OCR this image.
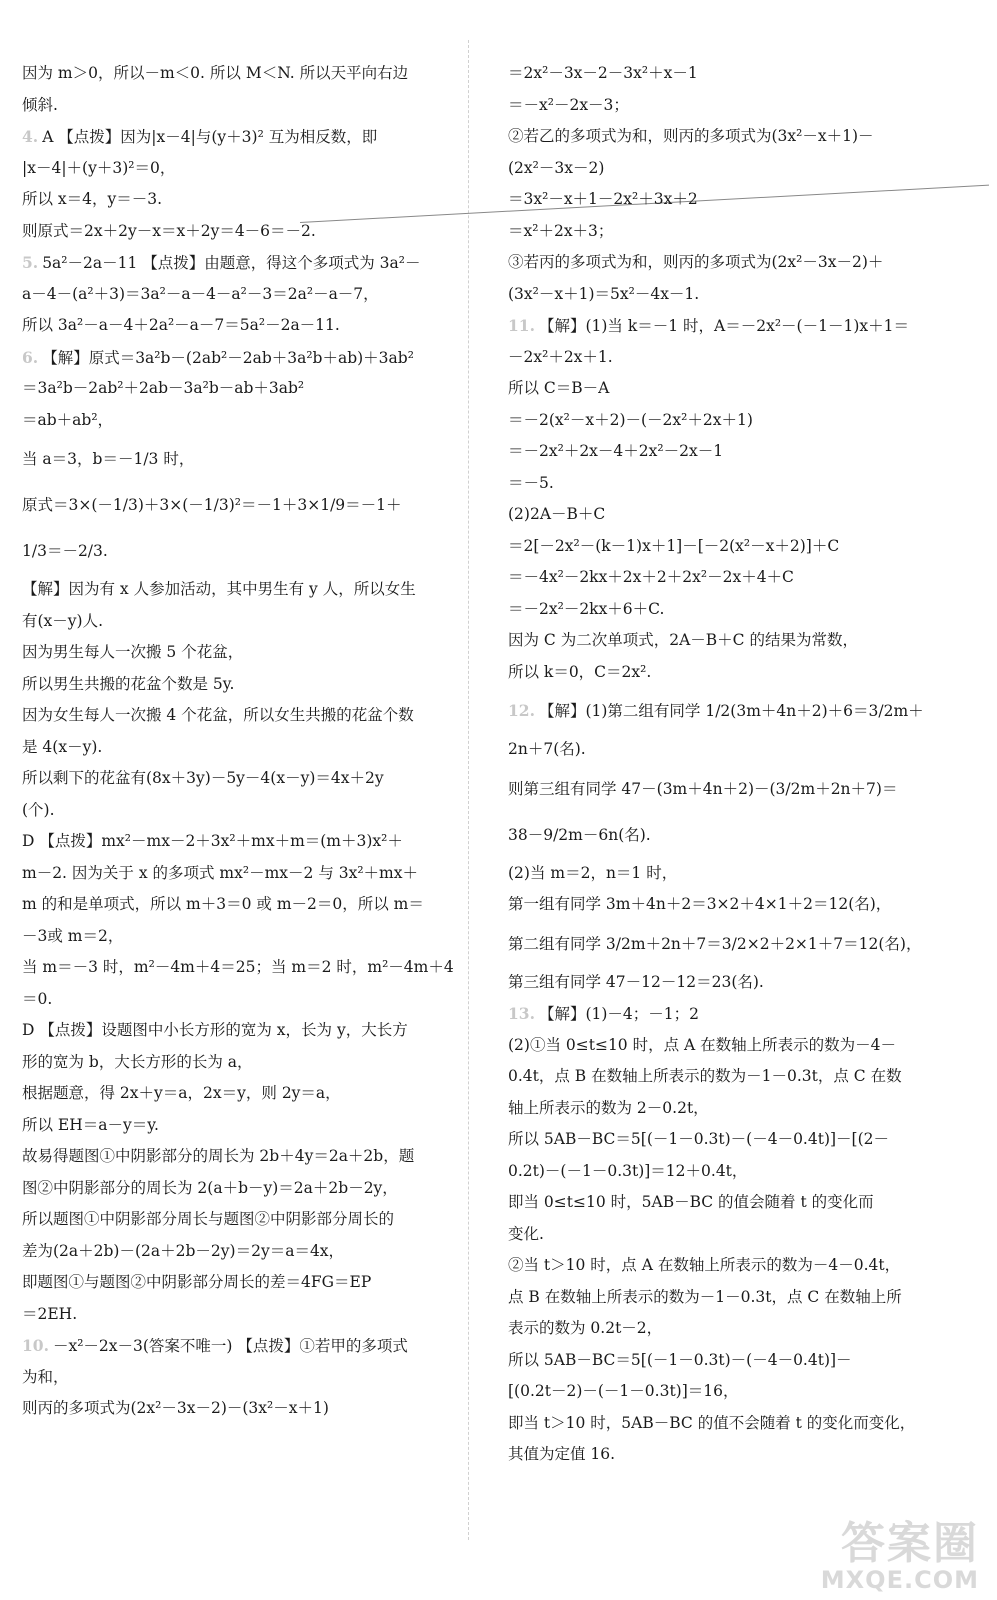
因为 m＞0，所以－m＜0. 所以 M＜N. 所以天平向右边
倾斜.
4. A 【点拨】因为|x－4|与(y＋3)² 互为相反数，即
|x－4|＋(y＋3)²＝0，
所以 x＝4，y＝－3.
则原式＝2x＋2y－x＝x＋2y＝4－6＝－2.
5. 5a²－2a－11 【点拨】由题意，得这个多项式为 3a²－
a－4－(a²＋3)＝3a²－a－4－a²－3＝2a²－a－7，
所以 3a²－a－4＋2a²－a－7＝5a²－2a－11.
6. 【解】原式＝3a²b－(2ab²－2ab＋3a²b＋ab)＋3ab²
＝3a²b－2ab²＋2ab－3a²b－ab＋3ab²
＝ab＋ab²，
当 a＝3，b＝－1/3 时，
原式＝3×(－1/3)＋3×(－1/3)²＝－1＋3×1/9＝－1＋
1/3＝－2/3.
【解】因为有 x 人参加活动，其中男生有 y 人，所以女生
有(x－y)人.
因为男生每人一次搬 5 个花盆，
所以男生共搬的花盆个数是 5y.
因为女生每人一次搬 4 个花盆，所以女生共搬的花盆个数
是 4(x－y).
所以剩下的花盆有(8x＋3y)－5y－4(x－y)＝4x＋2y
(个).
D 【点拨】mx²－mx－2＋3x²＋mx＋m＝(m＋3)x²＋
m－2. 因为关于 x 的多项式 mx²－mx－2 与 3x²＋mx＋
m 的和是单项式，所以 m＋3＝0 或 m－2＝0，所以 m＝
－3或 m＝2，
当 m＝－3 时，m²－4m＋4＝25；当 m＝2 时，m²－4m＋4
＝0.
D 【点拨】设题图中小长方形的宽为 x，长为 y，大长方
形的宽为 b，大长方形的长为 a，
根据题意，得 2x＋y＝a，2x＝y，则 2y＝a，
所以 EH＝a－y＝y.
故易得题图①中阴影部分的周长为 2b＋4y＝2a＋2b，题
图②中阴影部分的周长为 2(a＋b－y)＝2a＋2b－2y，
所以题图①中阴影部分周长与题图②中阴影部分周长的
差为(2a＋2b)－(2a＋2b－2y)＝2y＝a＝4x，
即题图①与题图②中阴影部分周长的差＝4FG＝EP
＝2EH.
10. －x²－2x－3(答案不唯一) 【点拨】①若甲的多项式
为和，
则丙的多项式为(2x²－3x－2)－(3x²－x＋1)
＝2x²－3x－2－3x²＋x－1
＝－x²－2x－3；
②若乙的多项式为和，则丙的多项式为(3x²－x＋1)－
(2x²－3x－2)
＝3x²－x＋1－2x²＋3x＋2
＝x²＋2x＋3；
③若丙的多项式为和，则丙的多项式为(2x²－3x－2)＋
(3x²－x＋1)＝5x²－4x－1.
11. 【解】(1)当 k＝－1 时，A＝－2x²－(－1－1)x＋1＝
－2x²＋2x＋1.
所以 C＝B－A
＝－2(x²－x＋2)－(－2x²＋2x＋1)
＝－2x²＋2x－4＋2x²－2x－1
＝－5.
(2)2A－B＋C
＝2[－2x²－(k－1)x＋1]－[－2(x²－x＋2)]＋C
＝－4x²－2kx＋2x＋2＋2x²－2x＋4＋C
＝－2x²－2kx＋6＋C.
因为 C 为二次单项式，2A－B＋C 的结果为常数，
所以 k＝0，C＝2x².
12. 【解】(1)第二组有同学 1/2(3m＋4n＋2)＋6＝3/2m＋
2n＋7(名).
则第三组有同学 47－(3m＋4n＋2)－(3/2m＋2n＋7)＝
38－9/2m－6n(名).
(2)当 m＝2，n＝1 时，
第一组有同学 3m＋4n＋2＝3×2＋4×1＋2＝12(名)，
第二组有同学 3/2m＋2n＋7＝3/2×2＋2×1＋7＝12(名)，
第三组有同学 47－12－12＝23(名).
13. 【解】(1)－4；－1；2
(2)①当 0≤t≤10 时，点 A 在数轴上所表示的数为－4－
0.4t，点 B 在数轴上所表示的数为－1－0.3t，点 C 在数
轴上所表示的数为 2－0.2t，
所以 5AB－BC＝5[(－1－0.3t)－(－4－0.4t)]－[(2－
0.2t)－(－1－0.3t)]＝12＋0.4t，
即当 0≤t≤10 时，5AB－BC 的值会随着 t 的变化而
变化.
②当 t＞10 时，点 A 在数轴上所表示的数为－4－0.4t，
点 B 在数轴上所表示的数为－1－0.3t，点 C 在数轴上所
表示的数为 0.2t－2，
所以 5AB－BC＝5[(－1－0.3t)－(－4－0.4t)]－
[(0.2t－2)－(－1－0.3t)]＝16，
即当 t＞10 时，5AB－BC 的值不会随着 t 的变化而变化，
其值为定值 16.
答案圈
MXQE.COM
